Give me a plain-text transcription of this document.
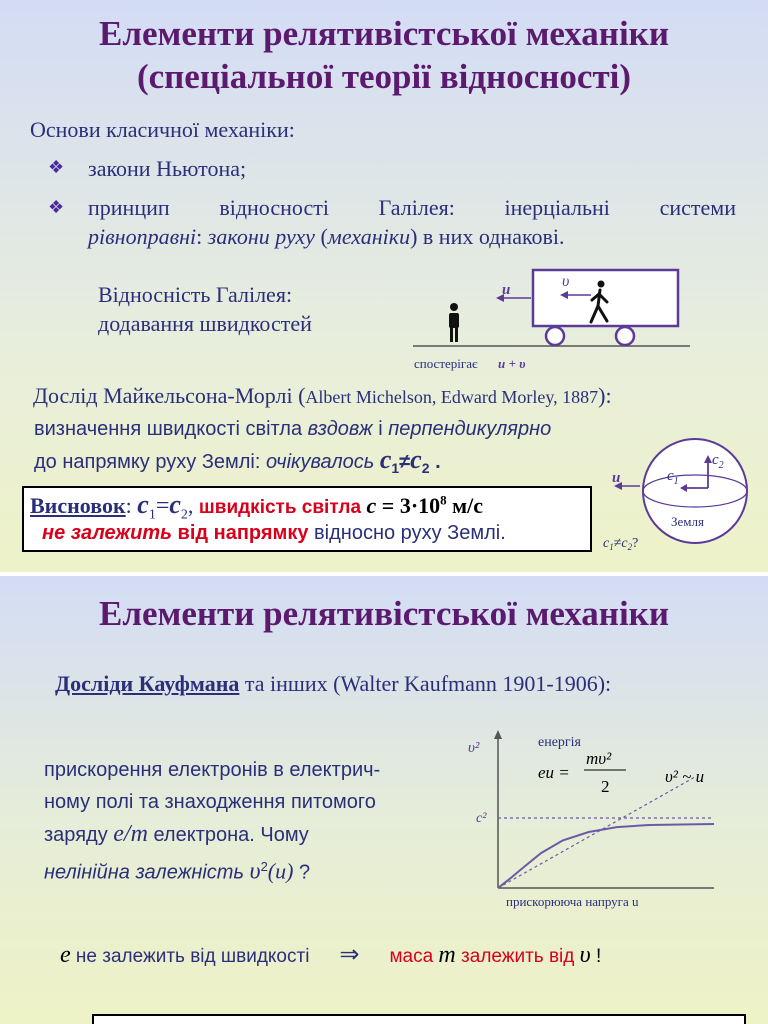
Елементи релятивістської механіки
(спеціальної теорії відносності)
Основи класичної механіки:
❖ закони Ньютона;
❖ принцип відносності Галілея: інерціальні системи
рівноправні: закони руху (механіки) в них однакові.
Відносність Галілея:
додавання швидкостей
u	υ
спостерігає u + υ
Дослід Майкельсона-Морлі (Albert Michelson, Edward Morley, 1887):
визначення швидкості світла вздовж і перпендикулярно
до напрямку руху Землі: очікувалось $c_1\ne c_2$ .
Висновок: $c_1=c_2$, швидкість світла $c = 3\cdot 10^8$ м/с
не залежить від напрямку відносно руху Землі.
u	$c_1$
$c_2$
Земля
$c_1\ne c_2$?
Елементи релятивістської механіки
Досліди Кауфмана та інших (Walter Kaufmann 1901-1906):
прискорення електронів в електрич-
ному полі та знаходження питомого
заряду e/m електрона. Чому
нелінійна залежність $\upsilon^2(u)$ ?
υ²
c²
енергія
eu =
mυ²
2
υ² ~ u
прискорююча напруга u
e не залежить від швидкості ⇒ маса m залежить від υ !
